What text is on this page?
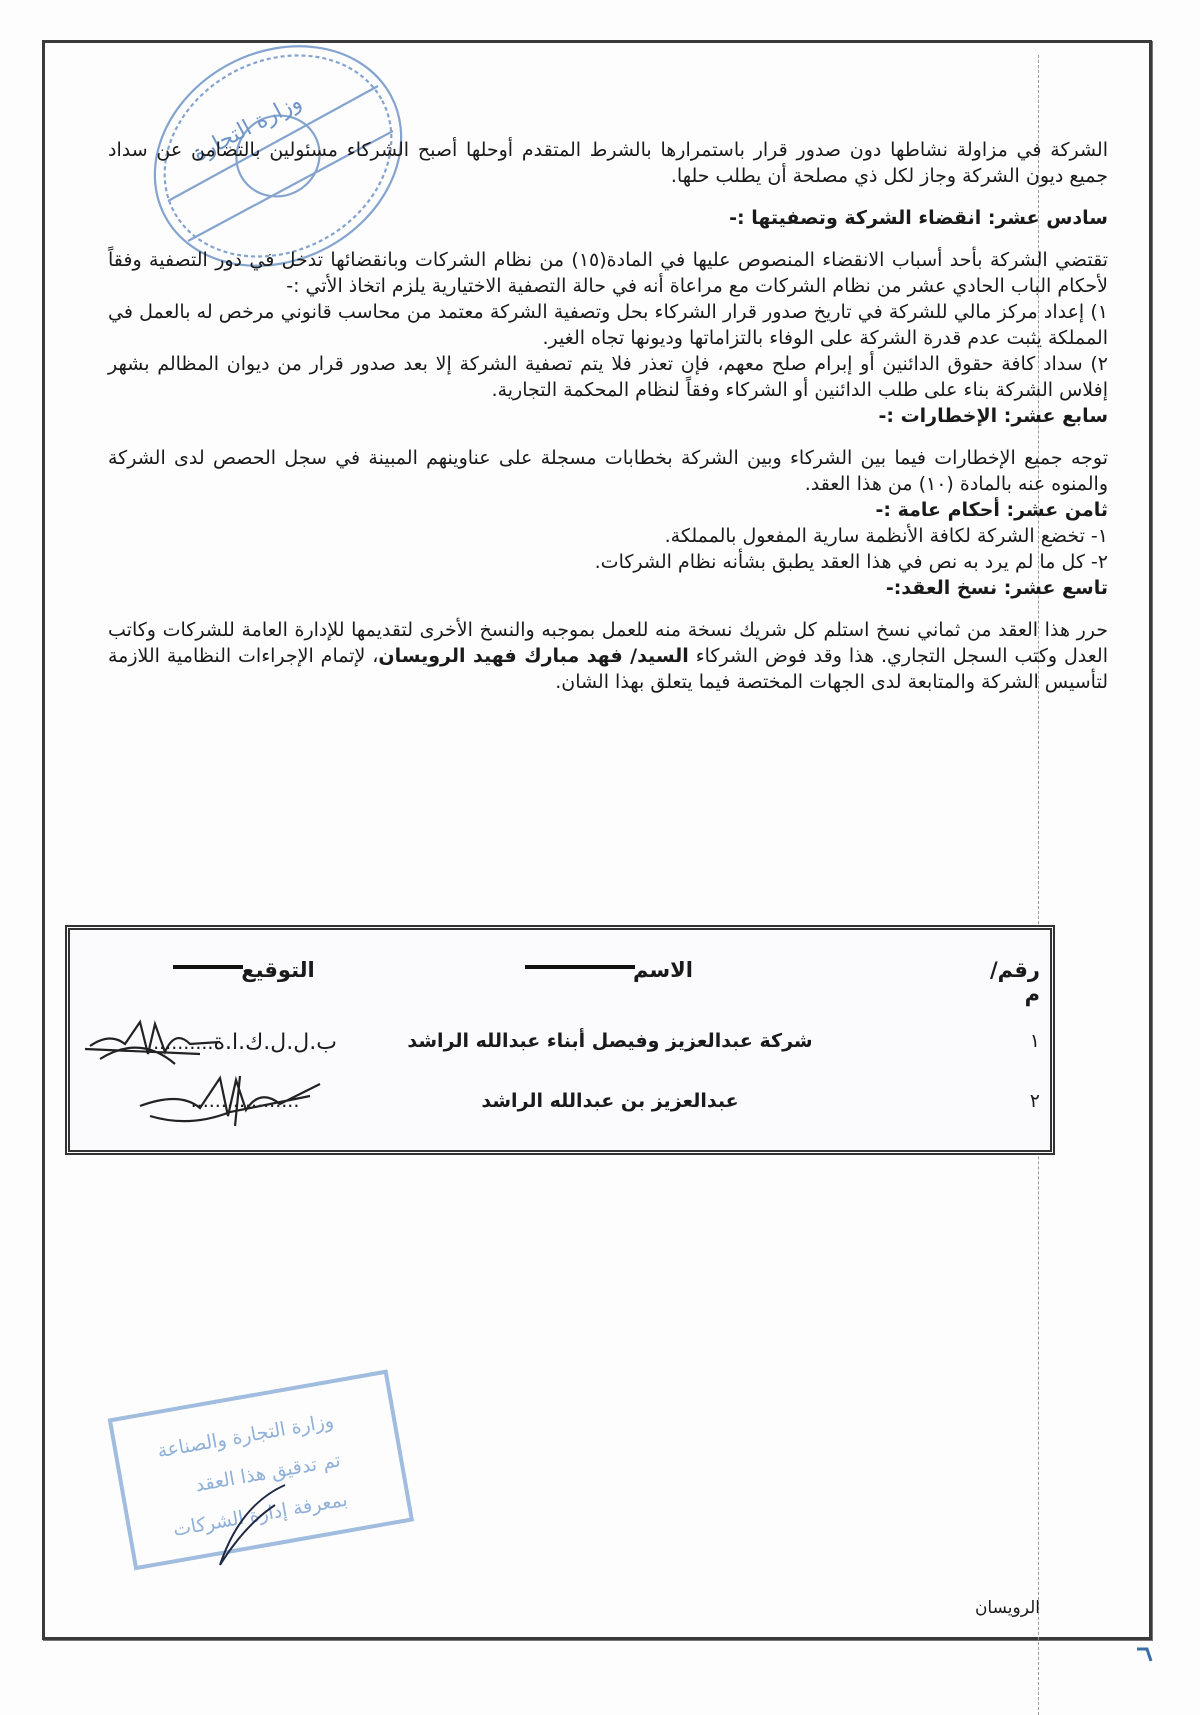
وزارة التجارة

الشركة في مزاولة نشاطها دون صدور قرار باستمرارها بالشرط المتقدم أوحلها أصبح الشركاء مسئولين بالتضامن عن سداد جميع ديون الشركة وجاز لكل ذي مصلحة أن يطلب حلها.

سادس عشر: انقضاء الشركة وتصفيتها :-

تقتضي الشركة بأحد أسباب الانقضاء المنصوص عليها في المادة(١٥) من نظام الشركات وبانقضائها تدخل في دور التصفية وفقاً لأحكام الباب الحادي عشر من نظام الشركات مع مراعاة أنه في حالة التصفية الاختيارية يلزم اتخاذ الأتي :-

١) إعداد مركز مالي للشركة في تاريخ صدور قرار الشركاء بحل وتصفية الشركة معتمد من محاسب قانوني مرخص له بالعمل في المملكة يثبت عدم قدرة الشركة على الوفاء بالتزاماتها وديونها تجاه الغير.

٢) سداد كافة حقوق الدائنين أو إبرام صلح معهم، فإن تعذر فلا يتم تصفية الشركة إلا بعد صدور قرار من ديوان المظالم بشهر إفلاس الشركة بناء على طلب الدائنين أو الشركاء وفقاً لنظام المحكمة التجارية.

سابع عشر: الإخطارات :-

توجه جميع الإخطارات فيما بين الشركاء وبين الشركة بخطابات مسجلة على عناوينهم المبينة في سجل الحصص لدى الشركة والمنوه عنه بالمادة (١٠) من هذا العقد.

ثامن عشر: أحكام عامة :-

١- تخضع الشركة لكافة الأنظمة سارية المفعول بالمملكة.

٢- كل ما لم يرد به نص في هذا العقد يطبق بشأنه نظام الشركات.

تاسع عشر: نسخ العقد:-

حرر هذا العقد من ثماني نسخ استلم كل شريك نسخة منه للعمل بموجبه والنسخ الأخرى لتقديمها للإدارة العامة للشركات وكاتب العدل وكتب السجل التجاري. هذا وقد فوض الشركاء السيد/ فهد مبارك فهيد الرويسان، لإتمام الإجراءات النظامية اللازمة لتأسيس الشركة والمتابعة لدى الجهات المختصة فيما يتعلق بهذا الشان.

رقم/م
الاسم
التوقيع
١
شركة عبدالعزيز وفيصل أبناء عبدالله الراشد
ب.ل.ل.ك.ا.ة..........
٢
عبدالعزيز بن عبدالله الراشد
..................
وزارة التجارة والصناعة
تم تدقيق هذا العقد
بمعرفة إدارة الشركات
الرويسان
